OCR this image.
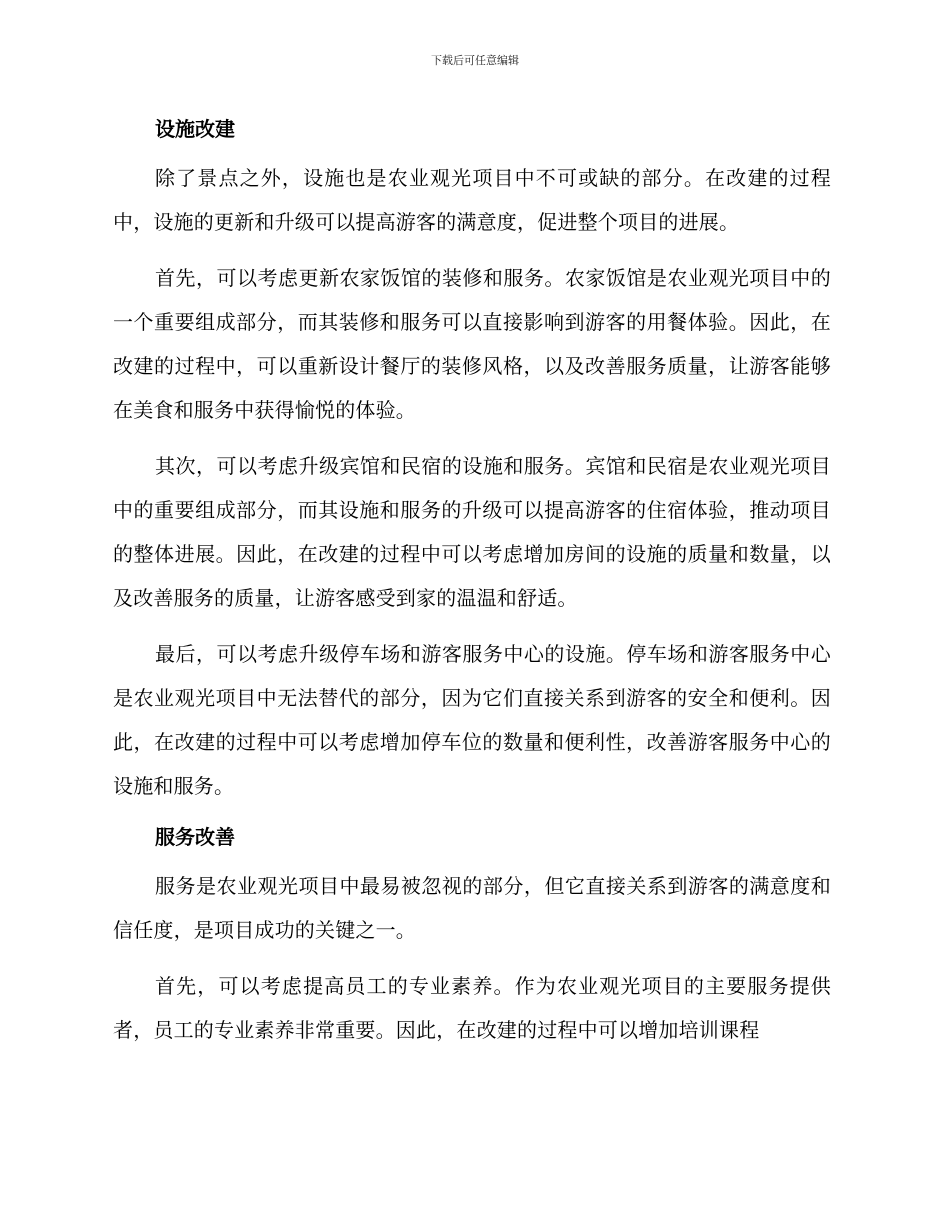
下载后可任意编辑
设施改建

除了景点之外，设施也是农业观光项目中不可或缺的部分。在改建的过程中，设施的更新和升级可以提高游客的满意度，促进整个项目的进展。

首先，可以考虑更新农家饭馆的装修和服务。农家饭馆是农业观光项目中的一个重要组成部分，而其装修和服务可以直接影响到游客的用餐体验。因此，在改建的过程中，可以重新设计餐厅的装修风格，以及改善服务质量，让游客能够在美食和服务中获得愉悦的体验。

其次，可以考虑升级宾馆和民宿的设施和服务。宾馆和民宿是农业观光项目中的重要组成部分，而其设施和服务的升级可以提高游客的住宿体验，推动项目的整体进展。因此，在改建的过程中可以考虑增加房间的设施的质量和数量，以及改善服务的质量，让游客感受到家的温温和舒适。

最后，可以考虑升级停车场和游客服务中心的设施。停车场和游客服务中心是农业观光项目中无法替代的部分，因为它们直接关系到游客的安全和便利。因此，在改建的过程中可以考虑增加停车位的数量和便利性，改善游客服务中心的设施和服务。

服务改善

服务是农业观光项目中最易被忽视的部分，但它直接关系到游客的满意度和信任度，是项目成功的关键之一。

首先，可以考虑提高员工的专业素养。作为农业观光项目的主要服务提供者，员工的专业素养非常重要。因此，在改建的过程中可以增加培训课程
